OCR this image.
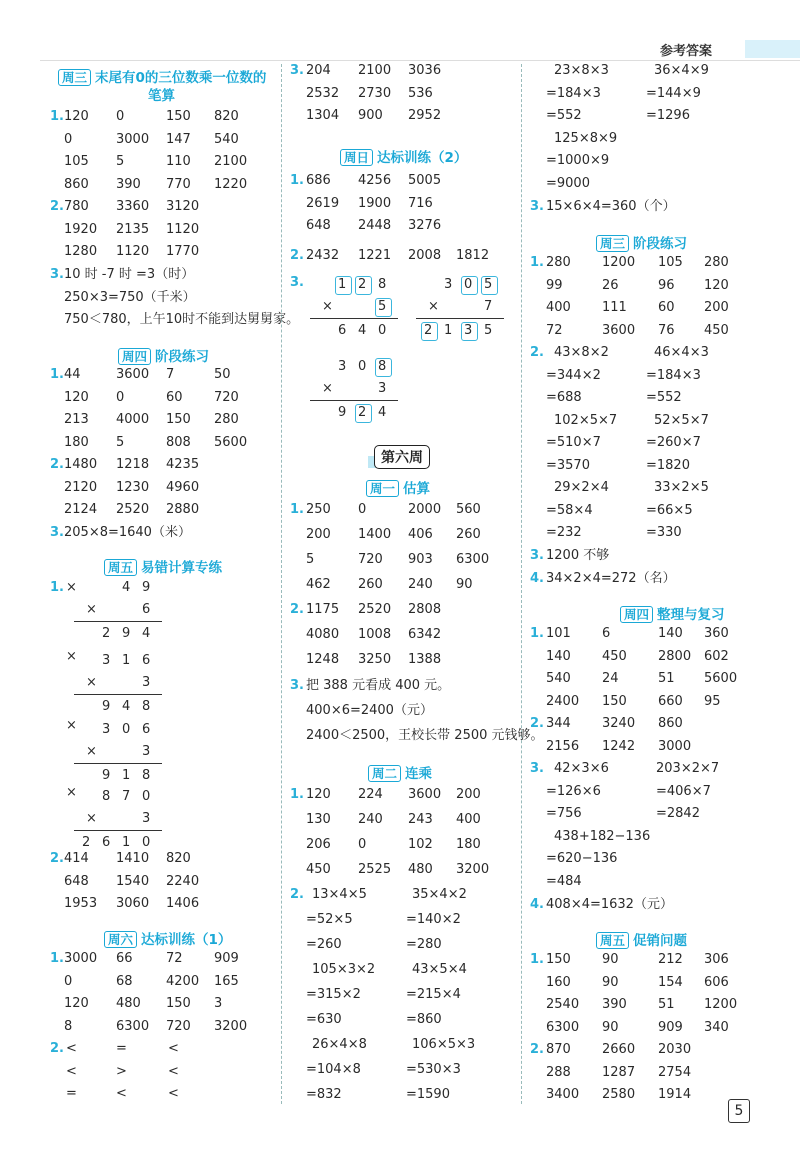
参考答案
周三 末尾有0的三位数乘一位数的
笔算
1. 120 0	150 820
0	3000 147 540
105 5	110 2100
860 390 770 1220
2. 780 3360 3120
1920 2135 1120
1280 1120 1770
3. 10 时 -7 时 =3（时）
250×3=750（千米）
750＜780，上午10时不能到达舅舅家。
周四 阶段练习
1. 44	3600 7	50
120 0	60 720
213 4000 150 280
180 5	808 5600
2. 1480 1218 4235
2120 1230 4960
2124 2520 2880
3. 205×8=1640（米）
周五 易错计算专练
1. ×	4 9
×	6
2 9 4
× 3 1 6
×	3
9 4 8
× 3 0 6
×	3
9 1 8
× 8 7 0
×	3
2 6 1 0
2. 414 1410 820
648 1540 2240
1953 3060 1406
周六 达标训练（1）
1. 3000 66	72 909
0	68	4200 165
120 480 150 3
8	6300 720 3200
2. <	=	<
<	>	<
=	<	<
3. 204 2100 3036
2532 2730 536
1304 900 2952
周日 达标训练（2）
1. 686 4256 5005
2619 1900 716
648 2448 3276
2. 2432 1221 2008 1812
3.	1 2 8
×	5
6 4 0
3 0 5
×	7
2 1 3 5
3 0 8
×	3
9 2 4
第六周
周一 估算
1. 250 0	2000 560
200 1400 406 260
5	720 903 6300
462 260 240 90
2. 1175 2520 2808
4080 1008 6342
1248 3250 1388
3. 把 388 元看成 400 元。
400×6=2400（元）
2400＜2500，王校长带 2500 元钱够。
周二 连乘
1. 120 224 3600 200
130 240 243 400
206 0	102 180
450 2525 480 3200
2. 13×4×5	35×4×2
=52×5	=140×2
=260	=280
105×3×2	43×5×4
=315×2	=215×4
=630	=860
26×4×8	106×5×3
=104×8	=530×3
=832	=1590
23×8×3	36×4×9
=184×3	=144×9
=552	=1296
125×8×9
=1000×9
=9000
3. 15×6×4=360（个）
周三 阶段练习
1. 280 1200 105 280
99	26	96 120
400 111 60 200
72	3600 76 450
2. 43×8×2	46×4×3
=344×2	=184×3
=688	=552
102×5×7	52×5×7
=510×7	=260×7
=3570	=1820
29×2×4	33×2×5
=58×4	=66×5
=232	=330
3. 1200 不够
4. 34×2×4=272（名）
周四 整理与复习
1. 101 6	140 360
140 450 2800 602
540 24	51 5600
2400 150 660 95
2. 344 3240 860
2156 1242 3000
3. 42×3×6	203×2×7
=126×6	=406×7
=756	=2842
438+182−136
=620−136
=484
4. 408×4=1632（元）
周五 促销问题
1. 150 90	212 306
160 90	154 606
2540 390 51 1200
6300 90	909 340
2. 870 2660 2030
288 1287 2754
3400 2580 1914
5
